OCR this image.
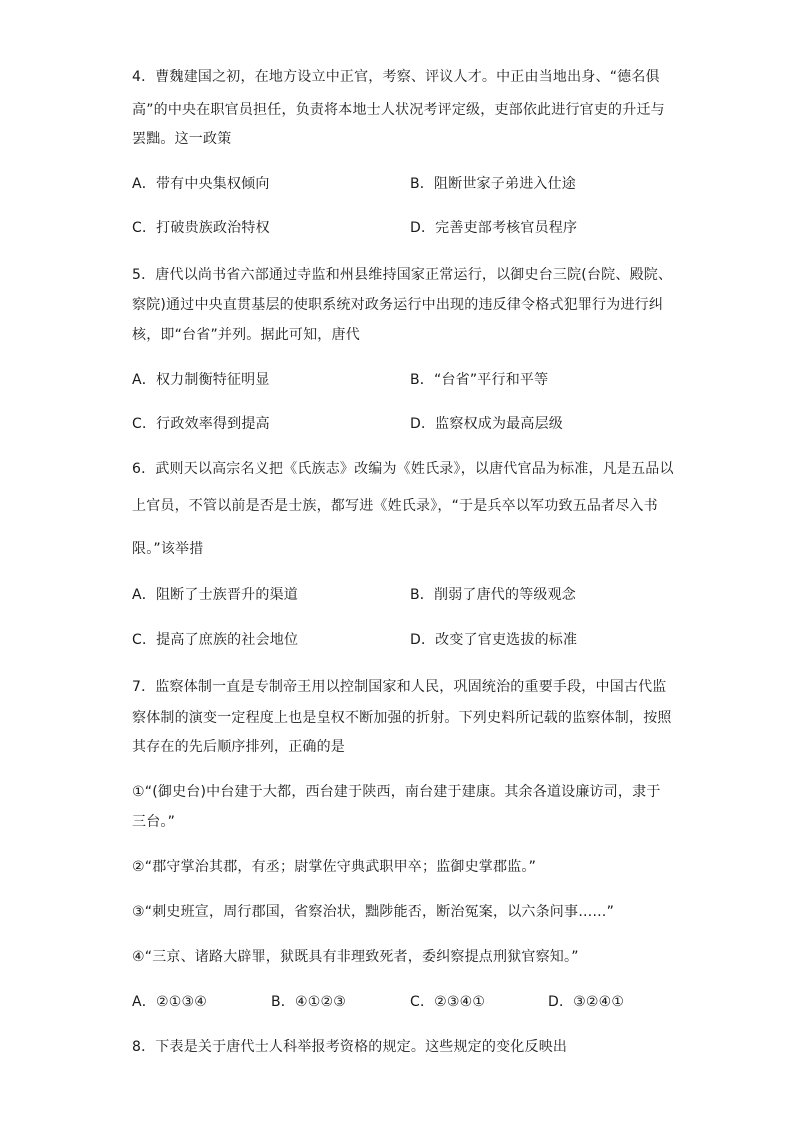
4．曹魏建国之初，在地方设立中正官，考察、评议人才。中正由当地出身、“德名俱
高”的中央在职官员担任，负责将本地士人状况考评定级，吏部依此进行官吏的升迁与
罢黜。这一政策
A．带有中央集权倾向	B．阻断世家子弟进入仕途
C．打破贵族政治特权	D．完善吏部考核官员程序
5．唐代以尚书省六部通过寺监和州县维持国家正常运行，以御史台三院(台院、殿院、
察院)通过中央直贯基层的使职系统对政务运行中出现的违反律令格式犯罪行为进行纠
核，即“台省”并列。据此可知，唐代
A．权力制衡特征明显	B．“台省”平行和平等
C．行政效率得到提高	D．监察权成为最高层级
6．武则天以高宗名义把《氏族志》改编为《姓氏录》，以唐代官品为标准，凡是五品以
上官员，不管以前是否是士族，都写进《姓氏录》，“于是兵卒以军功致五品者尽入书
限。”该举措
A．阻断了士族晋升的渠道	B．削弱了唐代的等级观念
C．提高了庶族的社会地位	D．改变了官吏选拔的标准
7．监察体制一直是专制帝王用以控制国家和人民，巩固统治的重要手段，中国古代监
察体制的演变一定程度上也是皇权不断加强的折射。下列史料所记载的监察体制，按照
其存在的先后顺序排列，正确的是
①“(御史台)中台建于大都，西台建于陕西，南台建于建康。其余各道设廉访司，隶于
三台。”
②“郡守掌治其郡，有丞；尉掌佐守典武职甲卒；监御史掌郡监。”
③“刺史班宣，周行郡国，省察治状，黜陟能否，断治冤案，以六条问事……”
④“三京、诸路大辟罪，狱既具有非理致死者，委纠察提点刑狱官察知。”
A．②①③④	B．④①②③	C．②③④①	D．③②④①
8．下表是关于唐代士人科举报考资格的规定。这些规定的变化反映出
